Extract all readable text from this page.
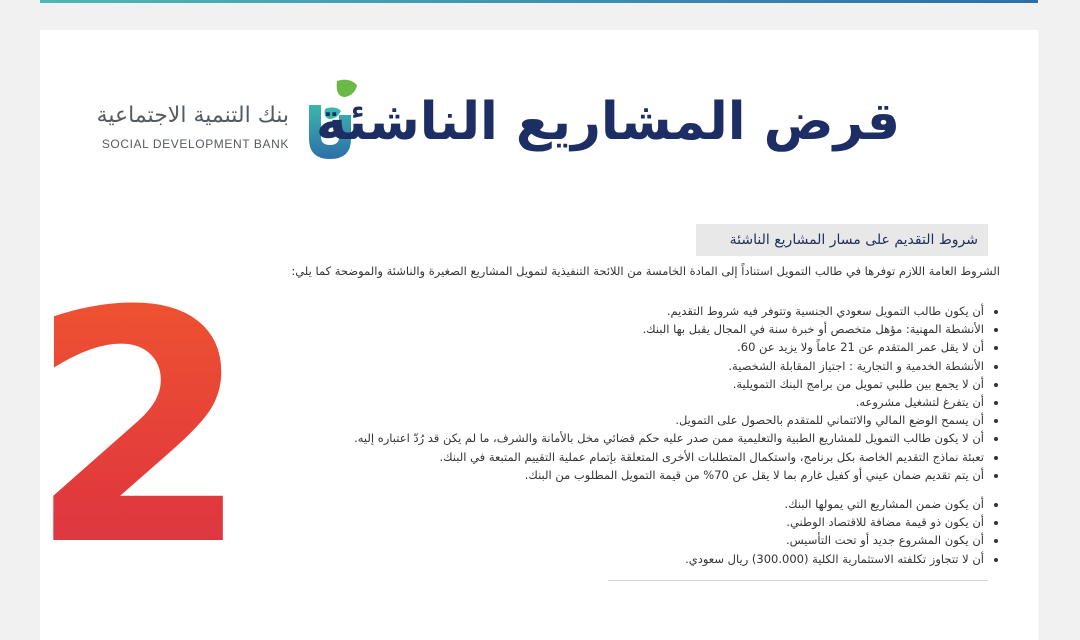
بنك التنمية الاجتماعية
SOCIAL DEVELOPMENT BANK قرض المشاريع الناشئة
شروط التقديم على مسار المشاريع الناشئة

الشروط العامة اللازم توفرها في طالب التمويل استناداً إلى المادة الخامسة من اللائحة التنفيذية لتمويل المشاريع الصغيرة والناشئة والموضحة كما يلي:

• أن يكون طالب التمويل سعودي الجنسية وتتوفر فيه شروط التقديم.
• الأنشطة المهنية: مؤهل متخصص أو خبرة سنة في المجال يقبل بها البنك.
• أن لا يقل عمر المتقدم عن 21 عاماً ولا يزيد عن 60.
• الأنشطة الخدمية و التجارية : اجتياز المقابلة الشخصية.
• أن لا يجمع بين طلبي تمويل من برامج البنك التمويلية.
• أن يتفرغ لتشغيل مشروعه.
• أن يسمح الوضع المالي والائتماني للمتقدم بالحصول على التمويل.
• أن لا يكون طالب التمويل للمشاريع الطبية والتعليمية ممن صدر عليه حكم قضائي مخل بالأمانة والشرف، ما لم يكن قد رُدّ اعتباره إليه.
• تعبئة نماذج التقديم الخاصة بكل برنامج، واستكمال المتطلبات الأخرى المتعلقة بإتمام عملية التقييم المتبعة في البنك.
• أن يتم تقديم ضمان عيني أو كفيل غارم بما لا يقل عن 70% من قيمة التمويل المطلوب من البنك.
• أن يكون ضمن المشاريع التي يمولها البنك.
• أن يكون ذو قيمة مضافة للاقتصاد الوطني.
• أن يكون المشروع جديد أو تحت التأسيس.
• أن لا تتجاوز تكلفته الاستثمارية الكلية (300.000) ريال سعودي.
2
